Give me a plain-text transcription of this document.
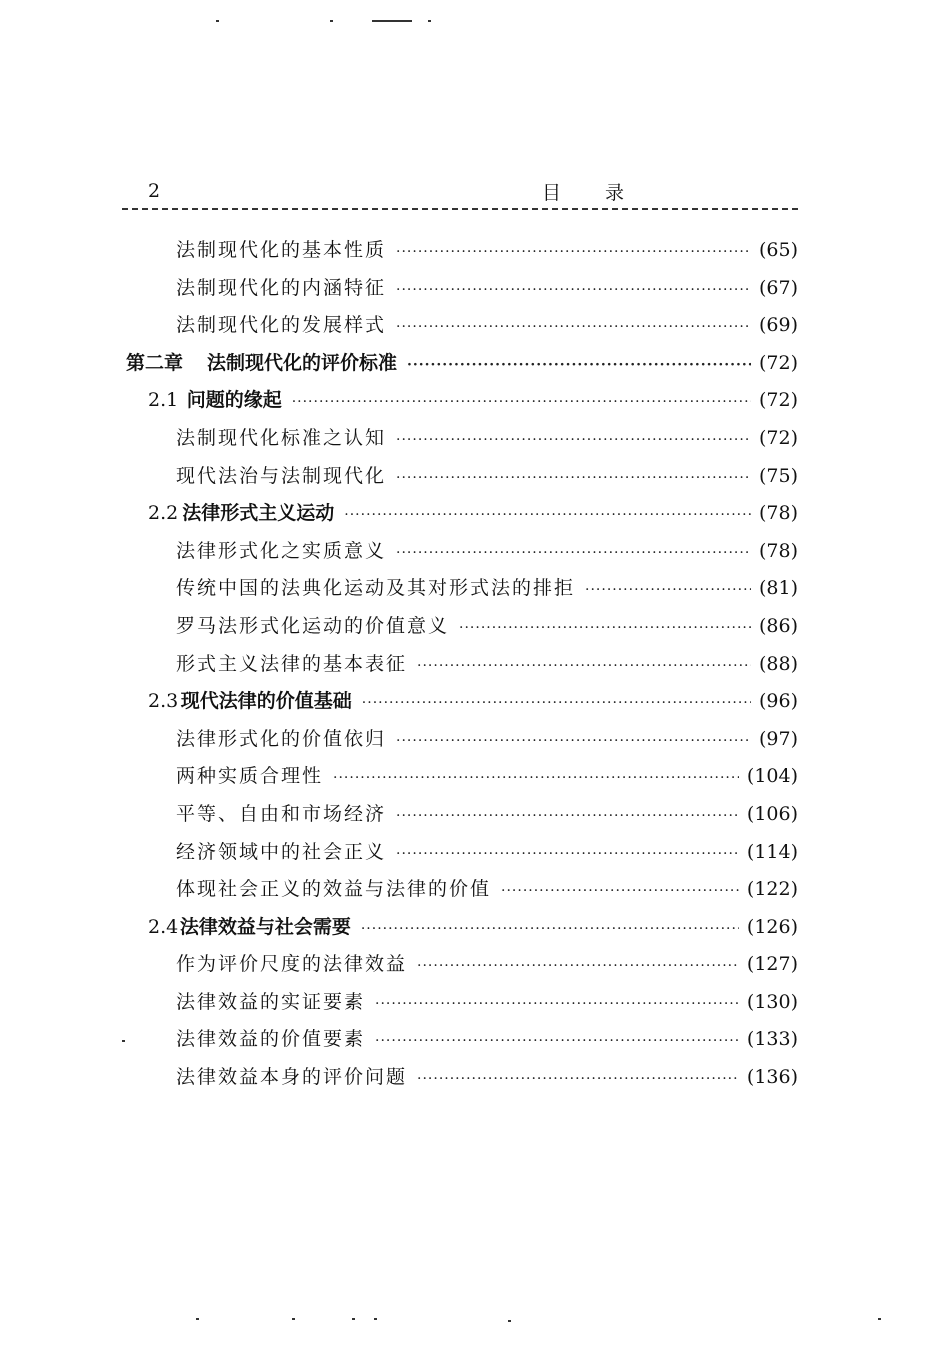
2	目录
法制现代化的基本性质 ·····	(65)
法制现代化的内涵特征 ·····	(67)
法制现代化的发展样式 ·····	(69)
第二章 法制现代化的评价标准 ·····	(72)
2.1 问题的缘起 ·····	(72)
法制现代化标准之认知 ·····	(72)
现代法治与法制现代化 ·····	(75)
2.2 法律形式主义运动 ·····	(78)
法律形式化之实质意义 ·····	(78)
传统中国的法典化运动及其对形式法的排拒 ·····	(81)
罗马法形式化运动的价值意义 ·····	(86)
形式主义法律的基本表征 ·····	(88)
2.3 现代法律的价值基础 ·····	(96)
法律形式化的价值依归 ·····	(97)
两种实质合理性 ·····	(104)
平等、自由和市场经济 ·····	(106)
经济领域中的社会正义 ·····	(114)
体现社会正义的效益与法律的价值 ·····	(122)
2.4 法律效益与社会需要 ·····	(126)
作为评价尺度的法律效益 ·····	(127)
法律效益的实证要素 ·····	(130)
法律效益的价值要素 ·····	(133)
法律效益本身的评价问题 ·····	(136)
